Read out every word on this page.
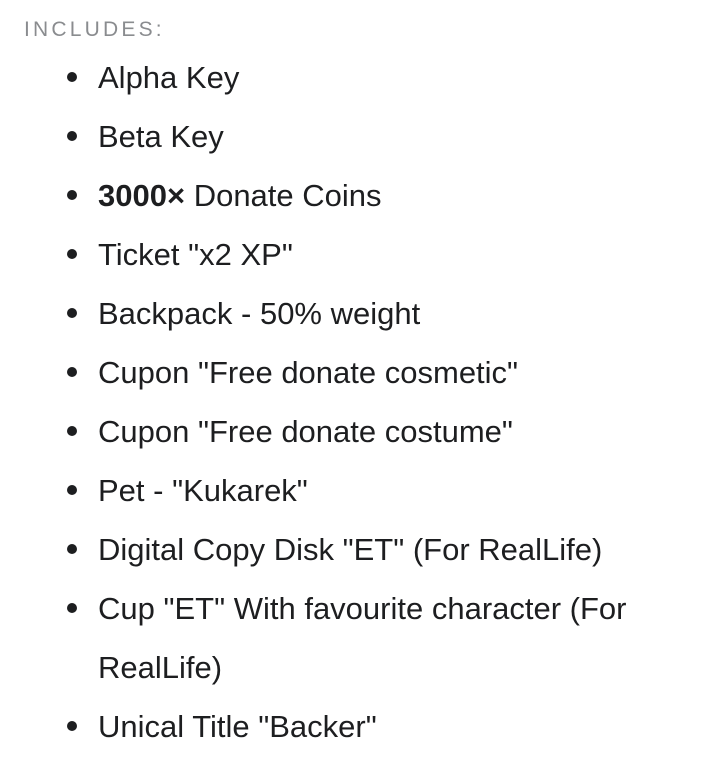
INCLUDES:
Alpha Key
Beta Key
3000× Donate Coins
Ticket "x2 XP"
Backpack - 50% weight
Cupon "Free donate cosmetic"
Cupon "Free donate costume"
Pet - "Kukarek"
Digital Copy Disk "ET" (For RealLife)
Cup "ET" With favourite character (For RealLife)
Unical Title "Backer"
